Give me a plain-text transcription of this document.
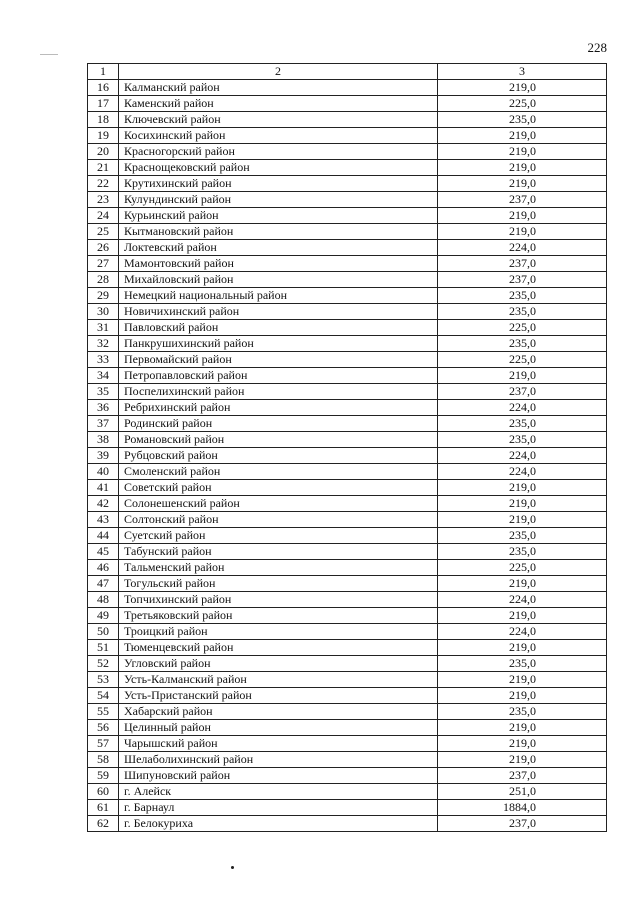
228
1	2	3
16	Калманский район	219,0
17	Каменский район	225,0
18	Ключевский район	235,0
19	Косихинский район	219,0
20	Красногорский район	219,0
21	Краснощековский район	219,0
22	Крутихинский район	219,0
23	Кулундинский район	237,0
24	Курьинский район	219,0
25	Кытмановский район	219,0
26	Локтевский район	224,0
27	Мамонтовский район	237,0
28	Михайловский район	237,0
29	Немецкий национальный район	235,0
30	Новичихинский район	235,0
31	Павловский район	225,0
32	Панкрушихинский район	235,0
33	Первомайский район	225,0
34	Петропавловский район	219,0
35	Поспелихинский район	237,0
36	Ребрихинский район	224,0
37	Родинский район	235,0
38	Романовский район	235,0
39	Рубцовский район	224,0
40	Смоленский район	224,0
41	Советский район	219,0
42	Солонешенский район	219,0
43	Солтонский район	219,0
44	Суетский район	235,0
45	Табунский район	235,0
46	Тальменский район	225,0
47	Тогульский район	219,0
48	Топчихинский район	224,0
49	Третьяковский район	219,0
50	Троицкий район	224,0
51	Тюменцевский район	219,0
52	Угловский район	235,0
53	Усть-Калманский район	219,0
54	Усть-Пристанский район	219,0
55	Хабарский район	235,0
56	Целинный район	219,0
57	Чарышский район	219,0
58	Шелаболихинский район	219,0
59	Шипуновский район	237,0
60	г. Алейск	251,0
61	г. Барнаул	1884,0
62	г. Белокуриха	237,0
